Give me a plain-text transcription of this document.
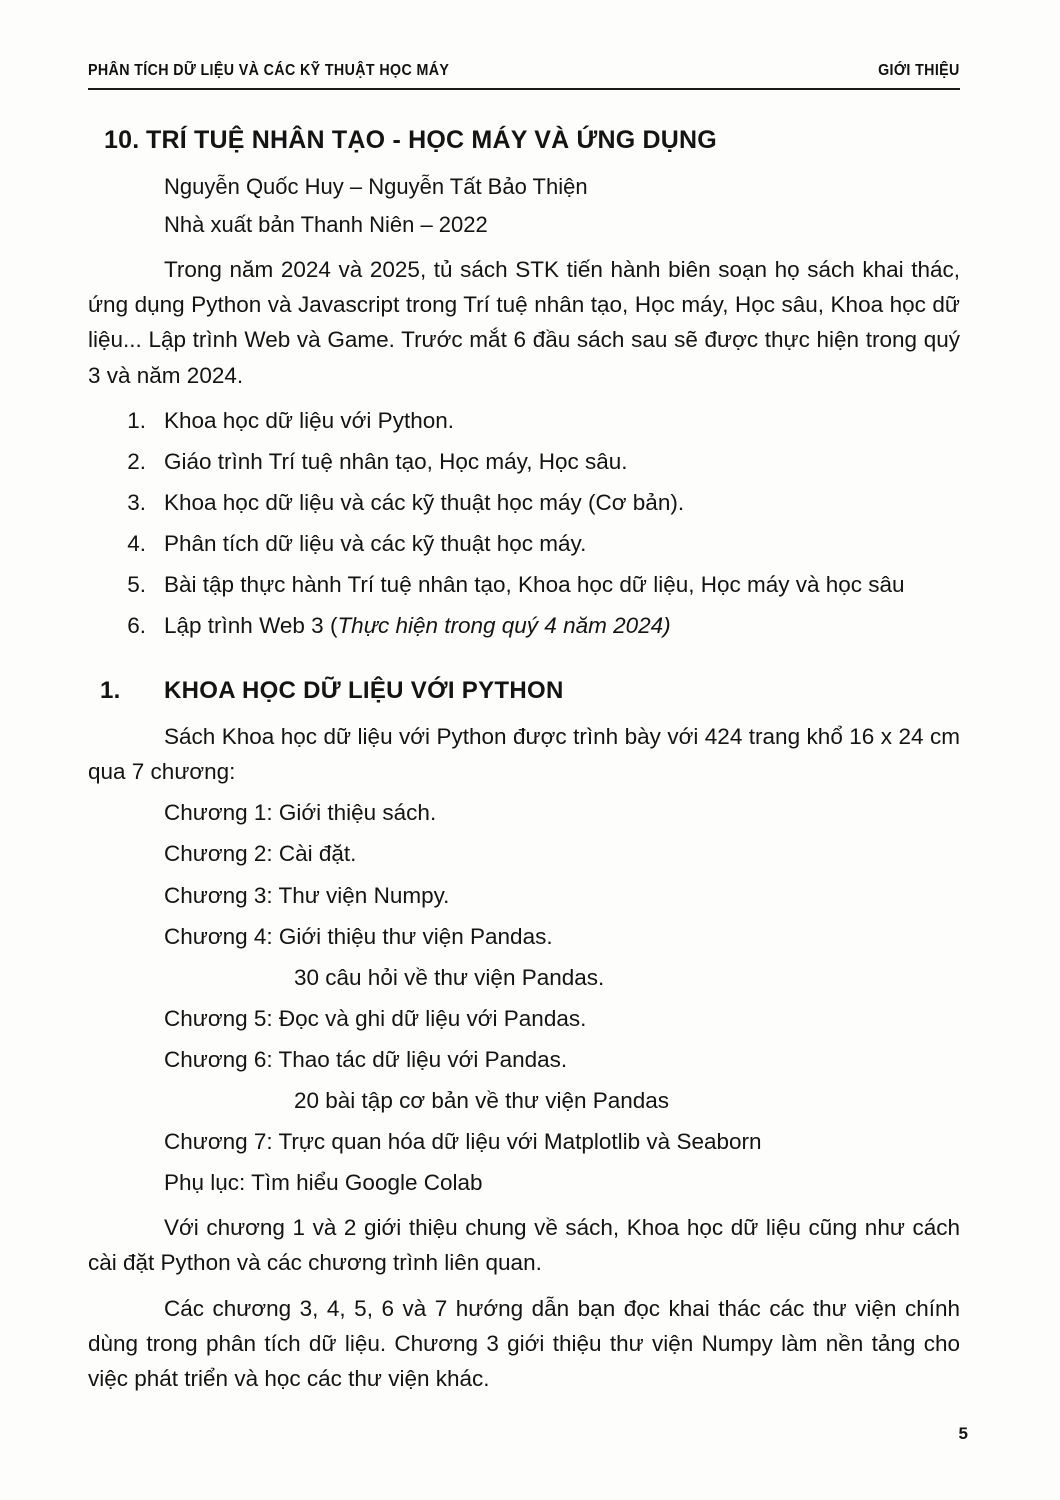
PHÂN TÍCH DỮ LIỆU VÀ CÁC KỸ THUẬT HỌC MÁY	GIỚI THIỆU
10. TRÍ TUỆ NHÂN TẠO - HỌC MÁY VÀ ỨNG DỤNG

Nguyễn Quốc Huy – Nguyễn Tất Bảo Thiện

Nhà xuất bản Thanh Niên – 2022

Trong năm 2024 và 2025, tủ sách STK tiến hành biên soạn họ sách khai thác, ứng dụng Python và Javascript trong Trí tuệ nhân tạo, Học máy, Học sâu, Khoa học dữ liệu... Lập trình Web và Game. Trước mắt 6 đầu sách sau sẽ được thực hiện trong quý 3 và năm 2024.

1. Khoa học dữ liệu với Python.
2. Giáo trình Trí tuệ nhân tạo, Học máy, Học sâu.
3. Khoa học dữ liệu và các kỹ thuật học máy (Cơ bản).
4. Phân tích dữ liệu và các kỹ thuật học máy.
5. Bài tập thực hành Trí tuệ nhân tạo, Khoa học dữ liệu, Học máy và học sâu
6. Lập trình Web 3 (Thực hiện trong quý 4 năm 2024)
1.	KHOA HỌC DỮ LIỆU VỚI PYTHON

Sách Khoa học dữ liệu với Python được trình bày với 424 trang khổ 16 x 24 cm qua 7 chương:

Chương 1: Giới thiệu sách.

Chương 2: Cài đặt.

Chương 3: Thư viện Numpy.

Chương 4: Giới thiệu thư viện Pandas.

30 câu hỏi về thư viện Pandas.

Chương 5: Đọc và ghi dữ liệu với Pandas.

Chương 6: Thao tác dữ liệu với Pandas.

20 bài tập cơ bản về thư viện Pandas

Chương 7: Trực quan hóa dữ liệu với Matplotlib và Seaborn

Phụ lục: Tìm hiểu Google Colab

Với chương 1 và 2 giới thiệu chung về sách, Khoa học dữ liệu cũng như cách cài đặt Python và các chương trình liên quan.

Các chương 3, 4, 5, 6 và 7 hướng dẫn bạn đọc khai thác các thư viện chính dùng trong phân tích dữ liệu. Chương 3 giới thiệu thư viện Numpy làm nền tảng cho việc phát triển và học các thư viện khác.

5
